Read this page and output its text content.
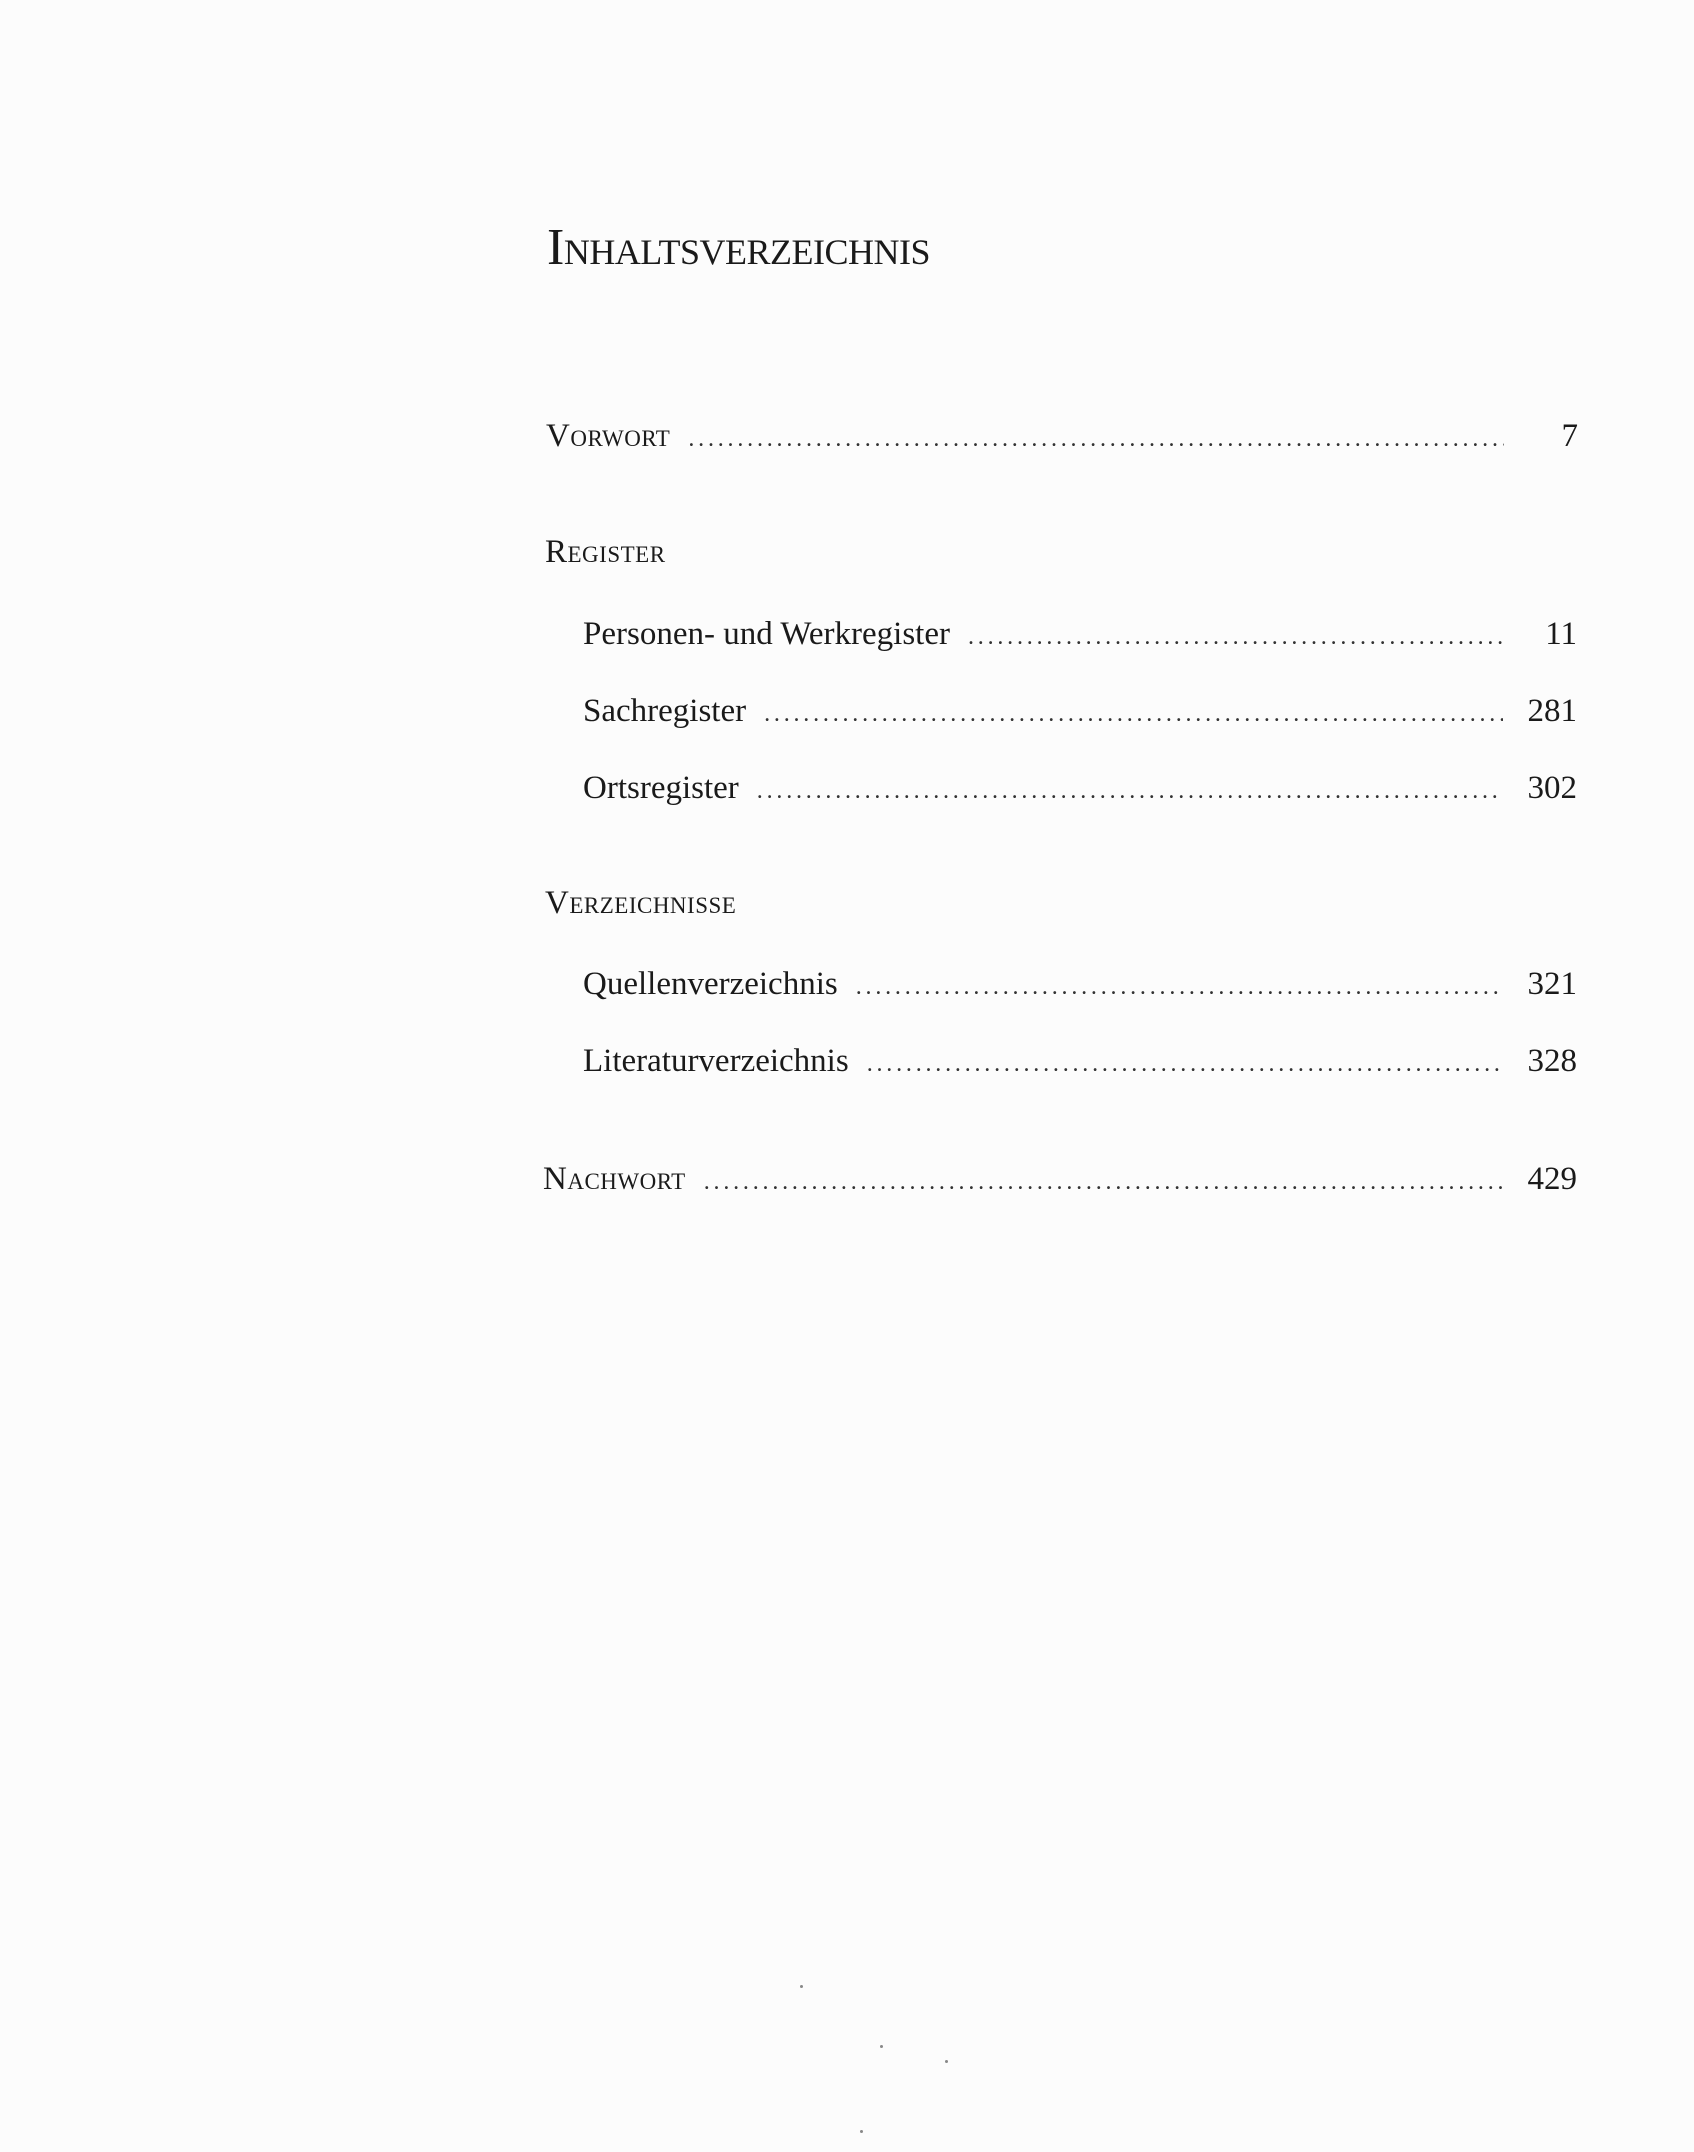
Inhaltsverzeichnis
Vorwort .....	7
Register
Personen- und Werkregister .....	11
Sachregister .....	281
Ortsregister .....	302
Verzeichnisse
Quellenverzeichnis .....	321
Literaturverzeichnis .....	328
Nachwort .....	429
